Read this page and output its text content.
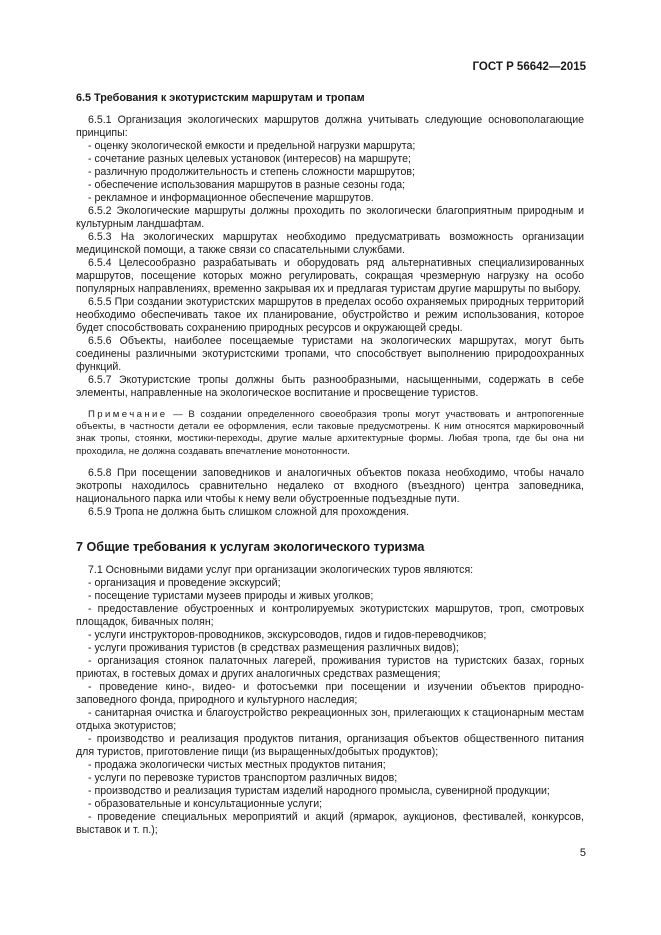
ГОСТ Р 56642—2015
6.5 Требования к экотуристским маршрутам и тропам

6.5.1 Организация экологических маршрутов должна учитывать следующие основополагающие принципы:

- оценку экологической емкости и предельной нагрузки маршрута;

- сочетание разных целевых установок (интересов) на маршруте;

- различную продолжительность и степень сложности маршрутов;

- обеспечение использования маршрутов в разные сезоны года;

- рекламное и информационное обеспечение маршрутов.

6.5.2 Экологические маршруты должны проходить по экологически благоприятным природным и культурным ландшафтам.

6.5.3 На экологических маршрутах необходимо предусматривать возможность организации медицинской помощи, а также связи со спасательными службами.

6.5.4 Целесообразно разрабатывать и оборудовать ряд альтернативных специализированных маршрутов, посещение которых можно регулировать, сокращая чрезмерную нагрузку на особо популярных направлениях, временно закрывая их и предлагая туристам другие маршруты по выбору.

6.5.5 При создании экотуристских маршрутов в пределах особо охраняемых природных территорий необходимо обеспечивать такое их планирование, обустройство и режим использования, которое будет способствовать сохранению природных ресурсов и окружающей среды.

6.5.6 Объекты, наиболее посещаемые туристами на экологических маршрутах, могут быть соединены различными экотуристскими тропами, что способствует выполнению природоохранных функций.

6.5.7 Экотуристские тропы должны быть разнообразными, насыщенными, содержать в себе элементы, направленные на экологическое воспитание и просвещение туристов.

Примечание — В создании определенного своеобразия тропы могут участвовать и антропогенные объекты, в частности детали ее оформления, если таковые предусмотрены. К ним относятся маркировочный знак тропы, стоянки, мостики-переходы, другие малые архитектурные формы. Любая тропа, где бы она ни проходила, не должна создавать впечатление монотонности.

6.5.8 При посещении заповедников и аналогичных объектов показа необходимо, чтобы начало экотропы находилось сравнительно недалеко от входного (въездного) центра заповедника, национального парка или чтобы к нему вели обустроенные подъездные пути.

6.5.9 Тропа не должна быть слишком сложной для прохождения.

7 Общие требования к услугам экологического туризма

7.1 Основными видами услуг при организации экологических туров являются:

- организация и проведение экскурсий;

- посещение туристами музеев природы и живых уголков;

- предоставление обустроенных и контролируемых экотуристских маршрутов, троп, смотровых площадок, бивачных полян;

- услуги инструкторов-проводников, экскурсоводов, гидов и гидов-переводчиков;

- услуги проживания туристов (в средствах размещения различных видов);

- организация стоянок палаточных лагерей, проживания туристов на туристских базах, горных приютах, в гостевых домах и других аналогичных средствах размещения;

- проведение кино-, видео- и фотосъемки при посещении и изучении объектов природно-заповедного фонда, природного и культурного наследия;

- санитарная очистка и благоустройство рекреационных зон, прилегающих к стационарным местам отдыха экотуристов;

- производство и реализация продуктов питания, организация объектов общественного питания для туристов, приготовление пищи (из выращенных/добытых продуктов);

- продажа экологически чистых местных продуктов питания;

- услуги по перевозке туристов транспортом различных видов;

- производство и реализация туристам изделий народного промысла, сувенирной продукции;

- образовательные и консультационные услуги;

- проведение специальных мероприятий и акций (ярмарок, аукционов, фестивалей, конкурсов, выставок и т. п.);

5
